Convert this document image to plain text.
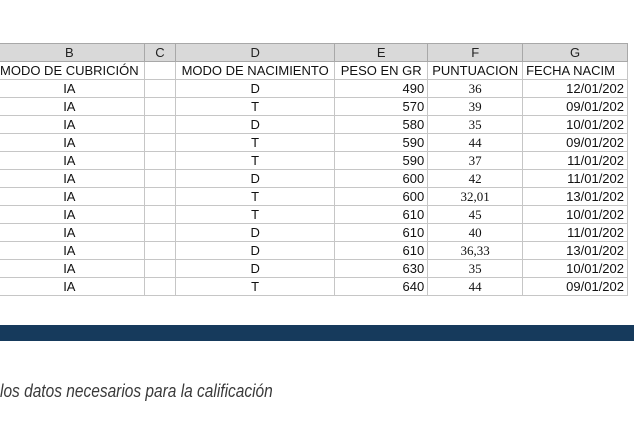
B	C	D	E	F	G
MODO DE CUBRICIÓN		MODO DE NACIMIENTO	PESO EN GR	PUNTUACION	FECHA NACIM
IA		D	490	36	12/01/202
IA		T	570	39	09/01/202
IA		D	580	35	10/01/202
IA		T	590	44	09/01/202
IA		T	590	37	11/01/202
IA		D	600	42	11/01/202
IA		T	600	32,01	13/01/202
IA		T	610	45	10/01/202
IA		D	610	40	11/01/202
IA		D	610	36,33	13/01/202
IA		D	630	35	10/01/202
IA		T	640	44	09/01/202
los datos necesarios para la calificación
